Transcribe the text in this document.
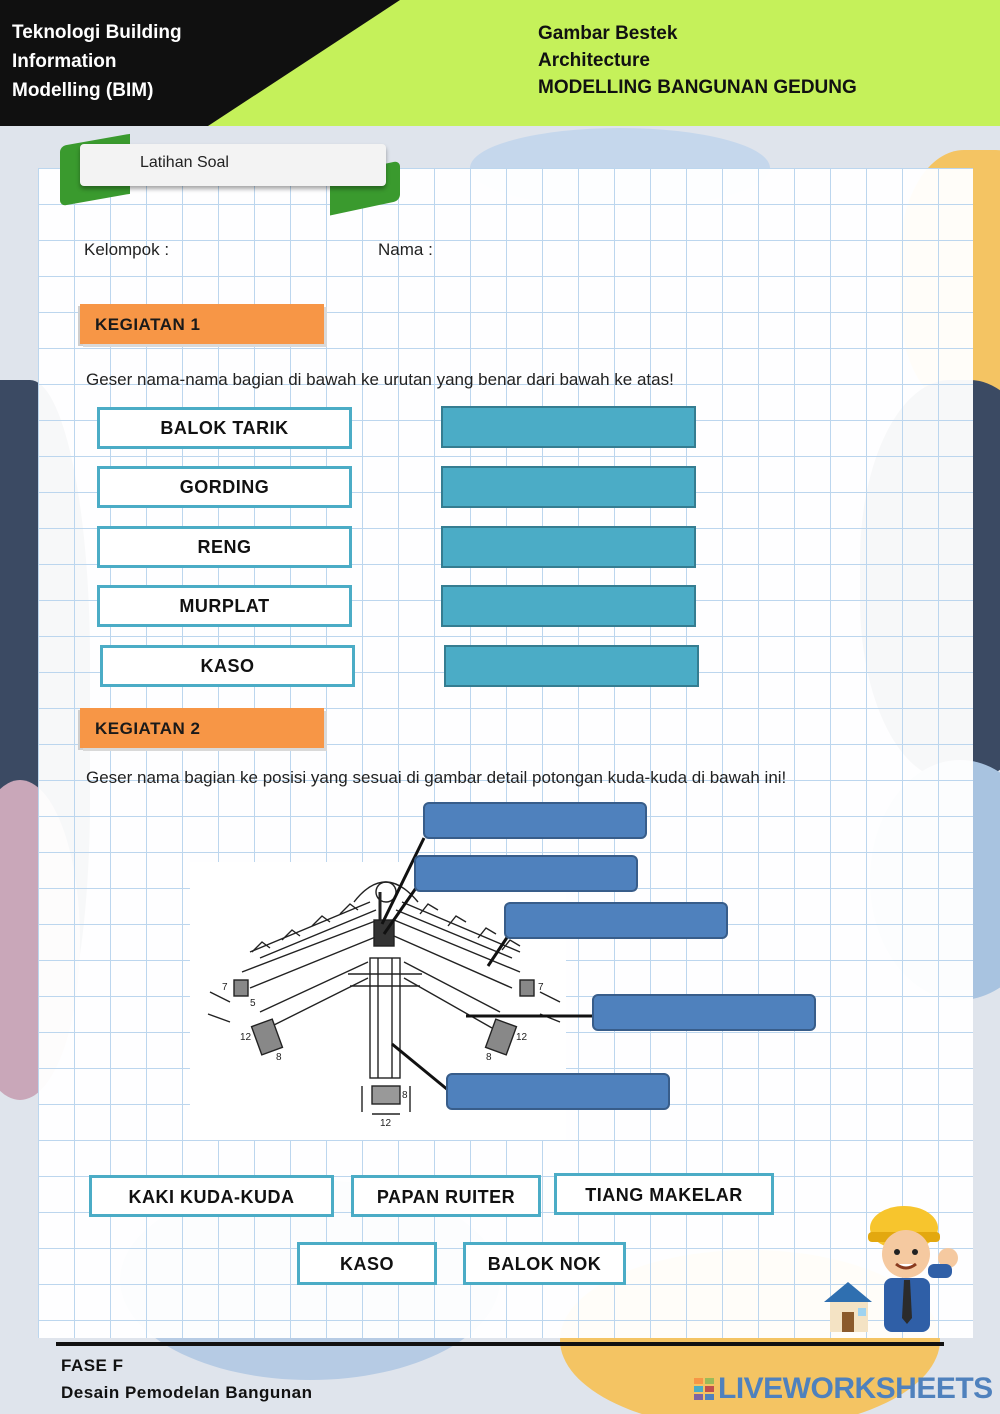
Teknologi Building
Information
Modelling (BIM)
Gambar Bestek
Architecture
MODELLING BANGUNAN GEDUNG
Latihan Soal
Kelompok :	Nama :
KEGIATAN 1
Geser nama-nama bagian di bawah ke urutan yang benar dari bawah ke atas!
BALOK TARIK
GORDING
RENG
MURPLAT
KASO
KEGIATAN 2
Geser nama bagian ke posisi yang sesuai di gambar detail potongan kuda-kuda di bawah ini!
7
5
12
8	8
7
12
8
12
KAKI KUDA-KUDA	PAPAN RUITER	TIANG MAKELAR
KASO	BALOK NOK
FASE F
Desain Pemodelan Bangunan	LIVEWORKSHEETS
